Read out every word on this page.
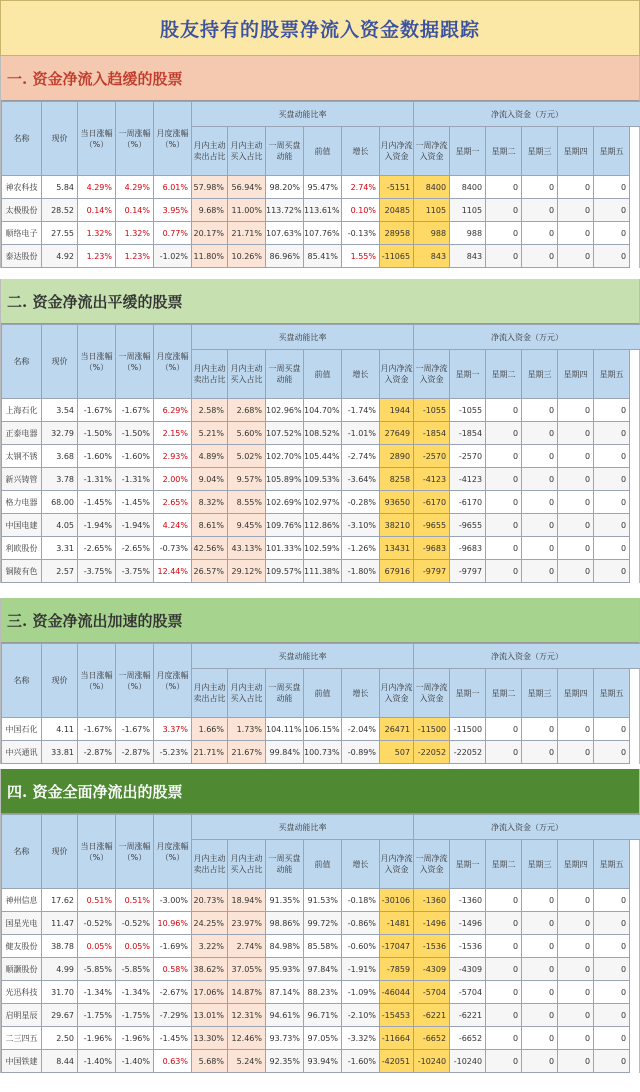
股友持有的股票净流入资金数据跟踪
一. 资金净流入趋缓的股票
名称	现价	当日涨幅（%）	一周涨幅（%）	月度涨幅（%）	买盘动能比率						净流入资金（万元）					
					月内主动卖出占比	月内主动买入占比	一周买盘动能	前值	增长	月内净流入资金	一周净流入资金	星期一	星期二	星期三	星期四	星期五
神农科技	5.84	4.29%	4.29%	6.01%	57.98%	56.94%	98.20%	95.47%	2.74%	-5151	8400	8400	0	0	0	0
太极股份	28.52	0.14%	0.14%	3.95%	9.68%	11.00%	113.72%	113.61%	0.10%	20485	1105	1105	0	0	0	0
顺络电子	27.55	1.32%	1.32%	0.77%	20.17%	21.71%	107.63%	107.76%	-0.13%	28958	988	988	0	0	0	0
泰达股份	4.92	1.23%	1.23%	-1.02%	11.80%	10.26%	86.96%	85.41%	1.55%	-11065	843	843	0	0	0	0
二. 资金净流出平缓的股票
名称	现价	当日涨幅（%）	一周涨幅（%）	月度涨幅（%）	买盘动能比率						净流入资金（万元）					
					月内主动卖出占比	月内主动买入占比	一周买盘动能	前值	增长	月内净流入资金	一周净流入资金	星期一	星期二	星期三	星期四	星期五
上海石化	3.54	-1.67%	-1.67%	6.29%	2.58%	2.68%	102.96%	104.70%	-1.74%	1944	-1055	-1055	0	0	0	0
正泰电器	32.79	-1.50%	-1.50%	2.15%	5.21%	5.60%	107.52%	108.52%	-1.01%	27649	-1854	-1854	0	0	0	0
太钢不锈	3.68	-1.60%	-1.60%	2.93%	4.89%	5.02%	102.70%	105.44%	-2.74%	2890	-2570	-2570	0	0	0	0
新兴铸管	3.78	-1.31%	-1.31%	2.00%	9.04%	9.57%	105.89%	109.53%	-3.64%	8258	-4123	-4123	0	0	0	0
格力电器	68.00	-1.45%	-1.45%	2.65%	8.32%	8.55%	102.69%	102.97%	-0.28%	93650	-6170	-6170	0	0	0	0
中国电建	4.05	-1.94%	-1.94%	4.24%	8.61%	9.45%	109.76%	112.86%	-3.10%	38210	-9655	-9655	0	0	0	0
利欧股份	3.31	-2.65%	-2.65%	-0.73%	42.56%	43.13%	101.33%	102.59%	-1.26%	13431	-9683	-9683	0	0	0	0
铜陵有色	2.57	-3.75%	-3.75%	12.44%	26.57%	29.12%	109.57%	111.38%	-1.80%	67916	-9797	-9797	0	0	0	0
三. 资金净流出加速的股票
名称	现价	当日涨幅（%）	一周涨幅（%）	月度涨幅（%）	买盘动能比率						净流入资金（万元）					
					月内主动卖出占比	月内主动买入占比	一周买盘动能	前值	增长	月内净流入资金	一周净流入资金	星期一	星期二	星期三	星期四	星期五
中国石化	4.11	-1.67%	-1.67%	3.37%	1.66%	1.73%	104.11%	106.15%	-2.04%	26471	-11500	-11500	0	0	0	0
中兴通讯	33.81	-2.87%	-2.87%	-5.23%	21.71%	21.67%	99.84%	100.73%	-0.89%	507	-22052	-22052	0	0	0	0
四. 资金全面净流出的股票
名称	现价	当日涨幅（%）	一周涨幅（%）	月度涨幅（%）	买盘动能比率						净流入资金（万元）					
					月内主动卖出占比	月内主动买入占比	一周买盘动能	前值	增长	月内净流入资金	一周净流入资金	星期一	星期二	星期三	星期四	星期五
神州信息	17.62	0.51%	0.51%	-3.00%	20.73%	18.94%	91.35%	91.53%	-0.18%	-30106	-1360	-1360	0	0	0	0
国星光电	11.47	-0.52%	-0.52%	10.96%	24.25%	23.97%	98.86%	99.72%	-0.86%	-1481	-1496	-1496	0	0	0	0
健友股份	38.78	0.05%	0.05%	-1.69%	3.22%	2.74%	84.98%	85.58%	-0.60%	-17047	-1536	-1536	0	0	0	0
顺灏股份	4.99	-5.85%	-5.85%	0.58%	38.62%	37.05%	95.93%	97.84%	-1.91%	-7859	-4309	-4309	0	0	0	0
光迅科技	31.70	-1.34%	-1.34%	-2.67%	17.06%	14.87%	87.14%	88.23%	-1.09%	-46044	-5704	-5704	0	0	0	0
启明星辰	29.67	-1.75%	-1.75%	-7.29%	13.01%	12.31%	94.61%	96.71%	-2.10%	-15453	-6221	-6221	0	0	0	0
二三四五	2.50	-1.96%	-1.96%	-1.45%	13.30%	12.46%	93.73%	97.05%	-3.32%	-11664	-6652	-6652	0	0	0	0
中国铁建	8.44	-1.40%	-1.40%	0.63%	5.68%	5.24%	92.35%	93.94%	-1.60%	-42051	-10240	-10240	0	0	0	0
